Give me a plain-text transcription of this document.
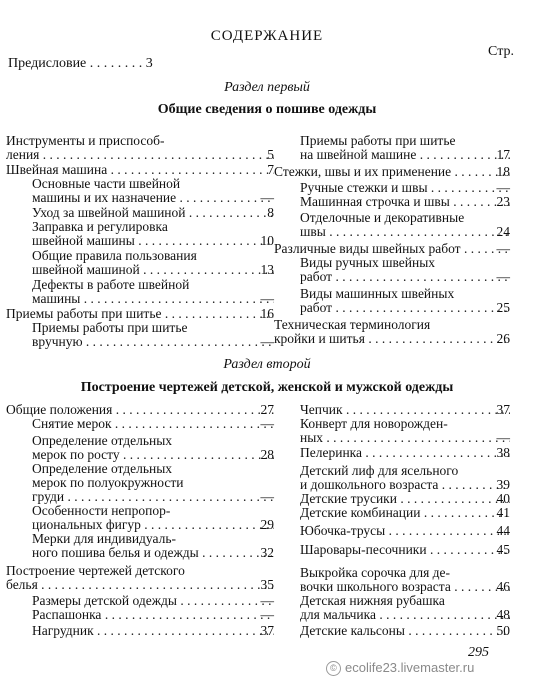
СОДЕРЖАНИЕ
Стр.
Предисловие . . . . . . . . 3
Раздел первый
Общие сведения о пошиве одежды
Инструменты и приспособ-
ления . . .	5
Швейная машина . . .	7
Основные части швейной
машины и их назначение . . .	—
Уход за швейной машиной . . .	8
Заправка и регулировка
швейной машины . . .	10
Общие правила пользования
швейной машиной . . .	13
Дефекты в работе швейной
машины . . .	—
Приемы работы при шитье . . .	16
Приемы работы при шитье
вручную . . .	—
Приемы работы при шитье
на швейной машине . . .	17
Стежки, швы и их применение . . .	18
Ручные стежки и швы . . .	—
Машинная строчка и швы . . .	23
Отделочные и декоративные
швы . . .	24
Различные виды швейных работ . . .	—
Виды ручных швейных
работ . . .	—
Виды машинных швейных
работ . . .	25
Техническая терминология
кройки и шитья . . .	26
Раздел второй
Построение чертежей детской, женской и мужской одежды
Общие положения . . .	27
Снятие мерок . . .	—
Определение отдельных
мерок по росту . . .	28
Определение отдельных
мерок по полуокружности
груди . . .	—
Особенности непропор-
циональных фигур . . .	29
Мерки для индивидуаль-
ного пошива белья и одежды . . .	32
Построение чертежей детского
белья . . .	35
Размеры детской одежды . . .	—
Распашонка . . .	—
Нагрудник . . .	37
Чепчик . . .	37
Конверт для новорожден-
ных . . .	—
Пелеринка . . .	38
Детский лиф для ясельного
и дошкольного возраста . . .	39
Детские трусики . . .	40
Детские комбинации . . .	41
Юбочка-трусы . . .	44
Шаровары-песочники . . .	45
Выкройка сорочка для де-
вочки школьного возраста . . .	46
Детская нижняя рубашка
для мальчика . . .	48
Детские кальсоны . . .	50
295
© ecolife23.livemaster.ru
